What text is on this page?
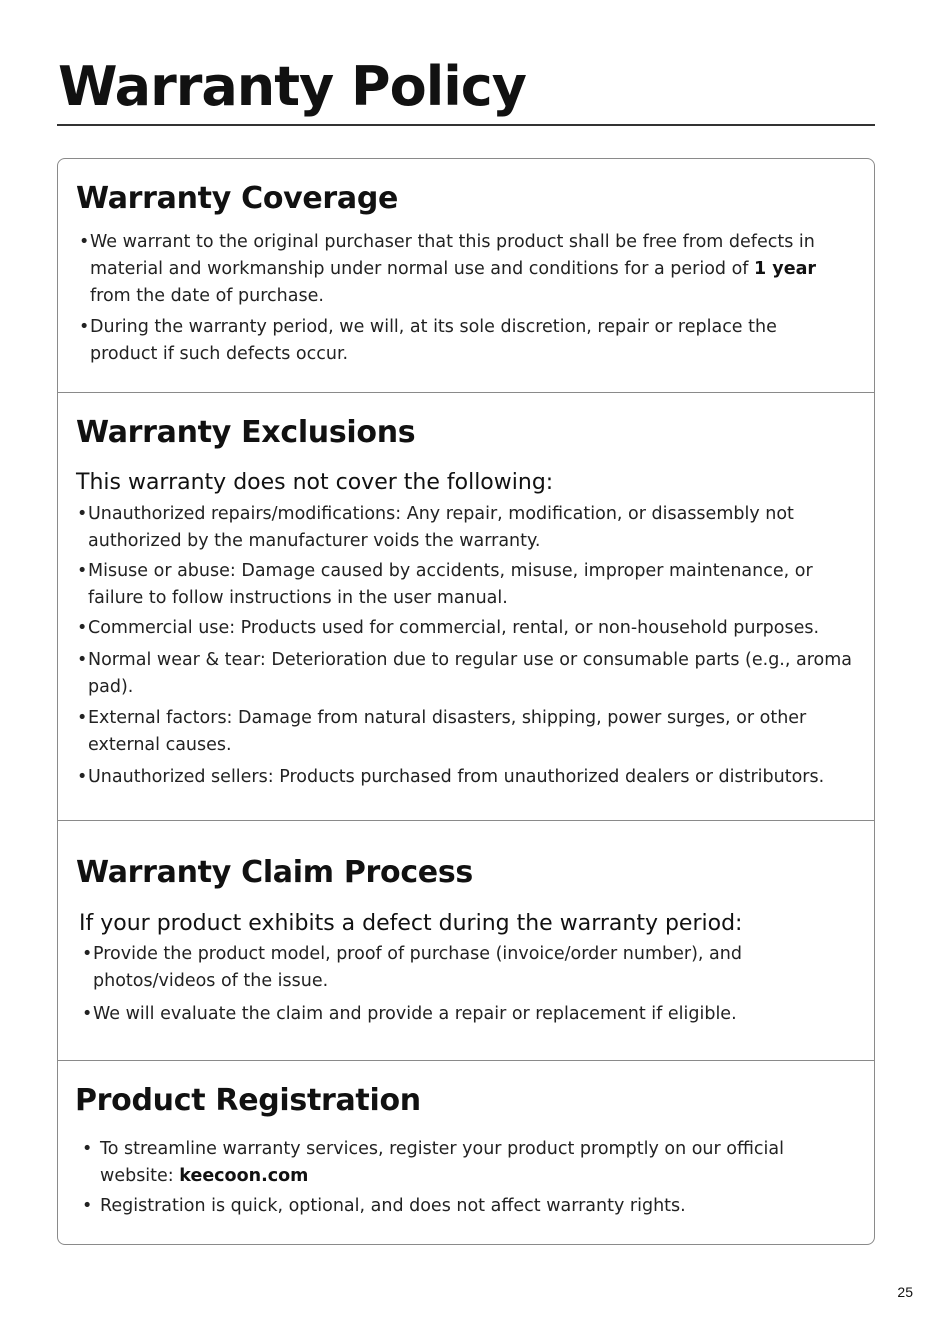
Warranty Policy
Warranty Coverage
• We warrant to the original purchaser that this product shall be free from defects in material and workmanship under normal use and conditions for a period of 1 year from the date of purchase.
• During the warranty period, we will, at its sole discretion, repair or replace the product if such defects occur.
Warranty Exclusions

This warranty does not cover the following:

• Unauthorized repairs/modifications: Any repair, modification, or disassembly not authorized by the manufacturer voids the warranty.
• Misuse or abuse: Damage caused by accidents, misuse, improper maintenance, or failure to follow instructions in the user manual.
• Commercial use: Products used for commercial, rental, or non-household purposes.
• Normal wear & tear: Deterioration due to regular use or consumable parts (e.g., aroma pad).
• External factors: Damage from natural disasters, shipping, power surges, or other external causes.
• Unauthorized sellers: Products purchased from unauthorized dealers or distributors.
Warranty Claim Process

If your product exhibits a defect during the warranty period:

• Provide the product model, proof of purchase (invoice/order number), and photos/videos of the issue.
• We will evaluate the claim and provide a repair or replacement if eligible.
Product Registration
• To streamline warranty services, register your product promptly on our official website: keecoon.com
• Registration is quick, optional, and does not affect warranty rights.
25
